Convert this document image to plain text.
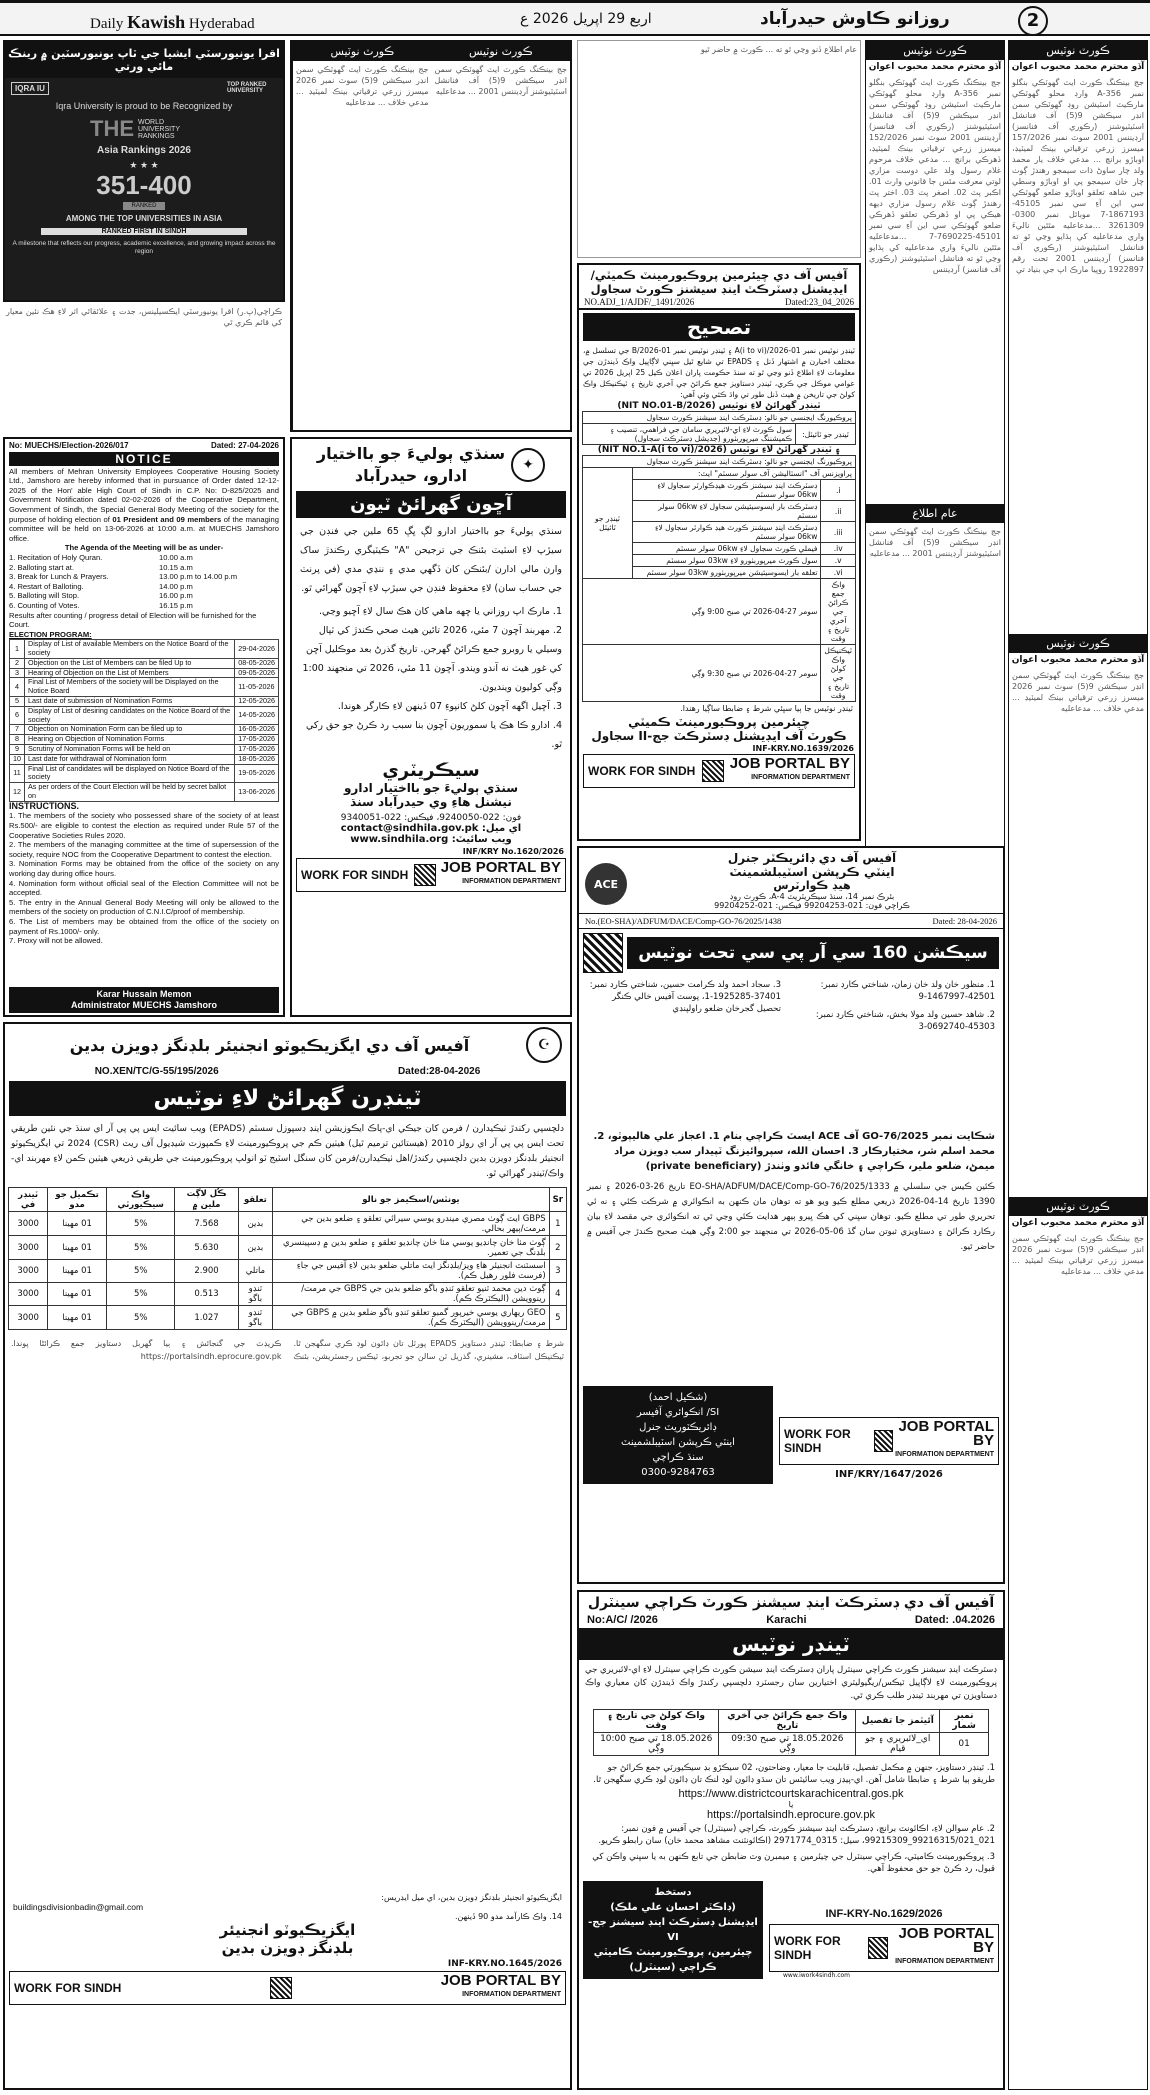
Daily Kawish Hyderabad	اربع 29 اپريل 2026 ع	روزانو ڪاوش حيدرآباد	2
اقرا يونيورسٽي ايشيا جي ٽاپ يونيورسٽين ۾ رينڪ مائي ورتي
IQRA IU	TOP RANKED UNIVERSITY
Iqra University is proud to be Recognized by
THE WORLD UNIVERSITY RANKINGS
Asia Rankings 2026
★ ★ ★
351-400
RANKED
AMONG THE TOP UNIVERSITIES IN ASIA
RANKED FIRST IN SINDH
A milestone that reflects our progress, academic excellence, and growing impact across the region
ڪراچي(پ.ر) اقرا يونيورسٽي ايڪسيلينس، جدت ۽ علائقائي اثر لاءِ هڪ نئين معيار کي قائم ڪري ٿي
No: MUECHS/Election-2026/017	Dated: 27-04-2026
NOTICE
All members of Mehran University Employees Cooperative Housing Society Ltd., Jamshoro are hereby informed that in pursuance of Order dated 12-12-2025 of the Hon' able High Court of Sindh in C.P. No: D-825/2025 and Government Notification dated 02-02-2026 of the Cooperative Department, Government of Sindh, the Special General Body Meeting of the society for the purpose of holding election of 01 President and 09 members of the managing committee will be held on 13-06-2026 at 10:00 a.m. at MUECHS Jamshoro office.
The Agenda of the Meeting will be as under-
1. Recitation of Holy Quran.	10.00 a.m
2. Balloting start at.	10.15 a.m
3. Break for Lunch & Prayers.	13.00 p.m to 14.00 p.m
4. Restart of Balloting.	14.00 p.m
5. Balloting will Stop.	16.00 p.m
6. Counting of Votes.	16.15 p.m
Results after counting / progress detail of Election will be furnished for the Court.
ELECTION PROGRAM:
1	Display of List of available Members on the Notice Board of the society	29-04-2026
2	Objection on the List of Members can be filed Up to	08-05-2026
3	Hearing of Objection on the List of Members	09-05-2026
4	Final List of Members of the society will be Displayed on the Notice Board	11-05-2026
5	Last date of submission of Nomination Forms	12-05-2026
6	Display of List of desiring candidates on the Notice Board of the society	14-05-2026
7	Objection on Nomination Form can be filed up to	16-05-2026
8	Hearing on Objection of Nomination Forms	17-05-2026
9	Scrutiny of Nomination Forms will be held on	17-05-2026
10	Last date for withdrawal of Nomination form	18-05-2026
11	Final List of candidates will be displayed on Notice Board of the society	19-05-2026
12	As per orders of the Court Election will be held by secret ballot on	13-06-2026
INSTRUCTIONS.
1. The members of the society who possessed share of the society of at least Rs.500/- are eligible to contest the election as required under Rule 57 of the Cooperative Societies Rules 2020.
2. The members of the managing committee at the time of supersession of the society, require NOC from the Cooperative Department to contest the election.
3. Nomination Forms may be obtained from the office of the society on any working day during office hours.
4. Nomination form without official seal of the Election Committee will not be accepted.
5. The entry in the Annual General Body Meeting will only be allowed to the members of the society on production of C.N.I.C/proof of membership.
6. The List of members may be obtained from the office of the society on payment of Rs.1000/- only.
7. Proxy will not be allowed.
Karar Hussain Memon
Administrator MUECHS Jamshoro
ڪورٽ نوٽيس
جج بينڪنگ ڪورٽ ايٽ گهوٽڪي سمن انڊر سيڪشن 9(5) سوٽ نمبر 2026 ميسرز زرعي ترقياتي بينڪ لميٽيڊ ... مدعي خلاف ... مدعاعليه
ڪورٽ نوٽيس
جج بينڪنگ ڪورٽ ايٽ گهوٽڪي سمن انڊر سيڪشن 9(5) آف فنانشل اسٽيٽيوشنز آرڊيننس 2001 ... مدعاعليه
✦
سنڌي ٻوليءَ جو بااختيار
ادارو، حيدرآباد
آڇون گھرائڻ ٽيون
سنڌي ٻوليءَ جو بااختيار ادارو لڳ ڀڳ 65 ملين جي فنڊن جي سيڙپ لاءِ اسٽيٽ بئنڪ جي ترجيحن "A" ڪيٽيگري رڪندڙ ساک وارن مالي ادارن /بئنڪن کان ڏگهي مدي ۽ ننڍي مدي (في پرنٽ جي حساب سان) لاءِ محفوظ فنڊن جي سيڙپ لاءِ آڇون گهرائي ٿو.
1. مارڪ اپ روزاني يا ڇهه ماهي کان هڪ سال لاءِ آڇيو وڃي.
2. مهربند آڇون 7 مئي، 2026 تائين هيٺ صحي ڪندڙ کي ٽپال وسيلي يا روبرو جمع ڪرائڻ گهرجن. تاريخ گذرڻ بعد موڪليل آڇن کي غور هيٺ نه آندو ويندو. آڇون 11 مئي، 2026 تي منجهند 1:00 وڳي کوليون وينديون.
3. آڇيل اگهه آڇون کلڻ کانپوءِ 07 ڏينهن لاءِ ڪارگر هوندا.
4. ادارو ڪا هڪ يا سموريون آڇون بنا سبب رد ڪرڻ جو حق رکي ٿو.
سيڪريٽري
سنڌي ٻوليءَ جو بااختيار ادارو
نيشنل هاءِ وي حيدرآباد سنڌ
فون: 022-9240050، فيڪس: 022-9340051
اي ميل: contact@sindhila.gov.pk
ويب سائيٽ: www.sindhila.org
INF/KRY No.1620/2026
WORK FOR SINDH JOB PORTAL BY
INFORMATION DEPARTMENT
آفيس آف دي چيئرمين پروڪيورمينٽ ڪميٽي/
ايڊيشنل ڊسٽرڪٽ اينڊ سيشنز ڪورٽ سجاول
NO.ADJ_1/AJDF/_1491/2026	Dated:23_04_2026
تصحيح
ٽينڊر نوٽيس نمبر 01-A(i to vi)/2026 ۽ ٽينڊر نوٽيس نمبر 01-B/2026 جي تسلسل ۾، مختلف اخبارن ۾ اشتهار ڏنل ۽ EPADS تي شايع ٿيل سڀني لاڳاپيل واڪ ڏيندڙن جي معلومات لاءِ اطلاع ڏنو وڃي ٿو ته سنڌ حڪومت پاران اعلان ڪيل 25 اپريل 2026 تي عوامي موڪل جي ڪري، ٽينڊر دستاويز جمع ڪرائڻ جي آخري تاريخ ۽ ٽيڪنيڪل واڪ کولڻ جي تاريخن ۾ هيٺ ڏنل طور تي واڌ ڪئي وئي آهي:
ٽينڊر گهرائڻ لاءِ نوٽيس (NIT NO.01-B/2026)
پروڪيورنگ ايجنسي جو نالو: ڊسٽرڪٽ اينڊ سيشنز ڪورٽ سجاول
ٽينڊر جو ٽائيٽل:	سول ڪورٽ لاءِ اي-لائبريري سامان جي فراهمي، تنصيب ۽ ڪميشننگ ميرپوربٺورو (جديشل ڊسٽرڪٽ سجاول)
۽ ٽينڊر گهرائڻ لاءِ نوٽيس (NIT NO.1-A(i to vi)/2026)
پروڪيورنگ ايجنسي جو نالو: ڊسٽرڪٽ اينڊ سيشنز ڪورٽ سجاول		
پراويزنس آف "انسٽاليشن آف سولر سسٽم" ايٽ:		ٽينڊر جو ٽائيٽل
i.	ڊسٽرڪٽ اينڊ سيشنز ڪورٽ هيڊڪوارٽر سجاول لاءِ 06kw سولر سسٽم	
ii.	ڊسٽرڪٽ بار ايسوسيئيشن سجاول لاءِ 06kw سولر سسٽم	
iii.	ڊسٽرڪٽ اينڊ سيشنز ڪورٽ هيڊ ڪوارٽر سجاول لاءِ 06kw سولر سسٽم	
iv.	فيملي ڪورٽ سجاول لاءِ 06kw سولر سسٽم	
v.	سول ڪورٽ ميرپوربٺورو لاءِ 03kw سولر سسٽم	
vi.	تعلقه بار ايسوسيئيشن ميرپوربٺورو 03kw سولر سسٽم	
واڪ جمع ڪرائڻ جي آخري تاريخ ۽ وقت	سومر 27-04-2026 تي صبح 9:00 وڳي	
ٽيڪنيڪل واڪ کولڻ جي تاريخ ۽ وقت	سومر 27-04-2026 تي صبح 9:30 وڳي	
ٽينڊر نوٽيس جا ٻيا سڀئي شرط ۽ ضابطا ساڳيا رهندا.
چيئرمين پروڪيورمينٽ ڪميٽي
ڪورٽ آف ايڊيشنل ڊسٽرڪٽ جج-II سجاول
INF-KRY.NO.1639/2026
WORK FOR SINDH JOB PORTAL BY
INFORMATION DEPARTMENT
عام اطلاع ڏنو وڃي ٿو ته ... ڪورٽ ۾ حاضر ٿيو	ڪورٽ نوٽيس
آڏو محترم محمد محبوب اعوان
جج بينڪنگ ڪورٽ ايٽ گهوٽڪي بنگلو نمبر 356-A وارڊ محلو گهوٽڪي مارڪيٽ اسٽيشن روڊ گهوٽڪي سمن انڊر سيڪشن 9(5) آف فنانشل اسٽيٽيوشنز (رڪوري آف فنانسز) آرڊيننس 2001 سوٽ نمبر 152/2026 ميسرز زرعي ترقياتي بينڪ لميٽيڊ، ڏهرڪي برانچ ... مدعي خلاف مرحوم غلام رسول ولد علي دوست مزاري لوتي معرفت مٿس جا قانوني وارث 01. اڪبر پٽ 02. اصغر پٽ 03. اختر پٽ رهندڙ ڳوٺ غلام رسول مزاري ديهه هيڪي پي او ڏهرڪي تعلقو ڏهرڪي ضلعو گهوٽڪي سي اين آءِ سي نمبر 45101-7690225-7 ...مدعاعليه مٿئين ناليءَ واري مدعاعليه کي ٻڌايو وڃي ٿو ته فنانشل اسٽيٽيوشنز (رڪوري آف فنانسز) آرڊيننس
عام اطلاع
جج بينڪنگ ڪورٽ ايٽ گهوٽڪي سمن انڊر سيڪشن 9(5) آف فنانشل اسٽيٽيوشنز آرڊيننس 2001 ... مدعاعليه
ڪورٽ نوٽيس
آڏو محترم محمد محبوب اعوان
جج بينڪنگ ڪورٽ ايٽ گهوٽڪي بنگلو نمبر 356-A وارڊ محلو گهوٽڪي مارڪيٽ اسٽيشن روڊ گهوٽڪي سمن انڊر سيڪشن 9(5) آف فنانشل اسٽيٽيوشنز (رڪوري آف فنانسز) آرڊيننس 2001 سوٽ نمبر 157/2026 ميسرز زرعي ترقياتي بينڪ لميٽيڊ، اوباڙو برانچ ... مدعي خلاف يار محمد ولد چار ساوڻ ذات سيمجو رهندڙ ڳوٺ چار خان سيمجو پي او اوباڙو وسطي جين شاهه تعلقو اوباڙو ضلعو گهوٽڪي سي اين آءِ سي نمبر 45105-1867193-7 موبائل نمبر 0300-3261309 ...مدعاعليه مٿئين ناليءَ واري مدعاعليه کي ٻڌايو وڃي ٿو ته فنانشل اسٽيٽيوشنز (رڪوري آف فنانسز) آرڊيننس 2001 تحت رقم 1922897 روپيا مارڪ اپ جي بنياد تي
ڪورٽ نوٽيس
آڏو محترم محمد محبوب اعوان
جج بينڪنگ ڪورٽ ايٽ گهوٽڪي سمن انڊر سيڪشن 9(5) سوٽ نمبر 2026 ميسرز زرعي ترقياتي بينڪ لميٽيڊ ... مدعي خلاف ... مدعاعليه
ڪورٽ نوٽيس
آڏو محترم محمد محبوب اعوان
جج بينڪنگ ڪورٽ ايٽ گهوٽڪي سمن انڊر سيڪشن 9(5) سوٽ نمبر 2026 ميسرز زرعي ترقياتي بينڪ لميٽيڊ ... مدعي خلاف ... مدعاعليه
ACE
آفيس آف دي ڊائريڪٽر جنرل
اينٽي ڪرپشن اسٽيبلشمينٽ
هيڊ ڪوارٽرس
بئرڪ نمبر 14، سنڌ سيڪريٽريٽ 4-A، ڪورٽ روڊ
ڪراچي فون: 021-99204253 فيڪس: 021-99204252
No.(EO-SHA)/ADFUM/DACE/Comp-GO-76/2025/1438	Dated: 28-04-2026
سيڪشن 160 سي آر پي سي تحت نوٽيس
1. منظور خان ولد خان زمان، شناختي ڪارڊ نمبر: 42501-1467997-9
2. شاهد حسين ولد مولا بخش، شناختي ڪارڊ نمبر: 45303-0692740-3
3. سجاد احمد ولد ڪرامت حسين، شناختي ڪارڊ نمبر: 37401-1925285-1، پوسٽ آفيس خالي ڪنگر تحصيل گجرخان ضلعو راولپنڊي
شڪايت نمبر GO-76/2025 آف ACE ايسٽ ڪراچي بنام 1. اعجاز علي هاليپوٽو، 2. محمد اسلم شر، مختيارڪار 3. احسان الله، سپروائيزنگ ٽپيدار سب ڊويزن مراد ميمڻ، ضلعو ملير، ڪراچي ۽ خانگي فائدو وٺندڙ (private beneficiary)
ڪئين ڪيس جي سلسلي ۾ EO-SHA/ADFUM/DACE/Comp-GO-76/2025/1333 تاريخ 26-03-2026 ۽ نمبر 1390 تاريخ 14-04-2026 ذريعي مطلع ڪيو ويو هو ته توهان مان ڪنهن به انڪوائري ۾ شرڪت ڪئي ۽ نه ئي تحريري طور تي مطلع ڪيو. توهان سڀني کي هڪ ڀيرو ٻيهر هدايت ڪئي وڃي ٿي ته انڪوائري جي مقصد لاءِ بيان رڪارڊ ڪرائڻ ۽ دستاويزي ثبوتن سان گڏ 06-05-2026 تي منجهند جو 2:00 وڳي هيٺ صحيح ڪندڙ جي آفيس ۾ حاضر ٿيو.
(شڪيل احمد)
SI/ انڪوائري آفيسر
ڊائريڪٽوريٽ جنرل
اينٽي ڪرپشن اسٽيبلشمينٽ
سنڌ ڪراچي
0300-9284763
WORK FOR SINDH
JOB PORTAL BY
INFORMATION DEPARTMENT
INF/KRY/1647/2026
☪
آفيس آف دي ايگزيڪيوٽو انجنيئر بلڊنگز ڊويزن بدين
NO.XEN/TC/G-55/195/2026	Dated:28-04-2026
ٽينڊرن گهرائڻ لاءِ نوٽيس
دلچسپي رکندڙ ٺيڪيدارن / فرمن کان جيڪي اي-پاڪ ايڪوزيشن اينڊ ڊسپوزل سسٽم (EPADS) ويب سائيٽ ايس پي پي آر اي سنڌ جي نئين طريقي تحت ايس پي پي آر اي رولز 2010 (هيستائين ترميم ٿيل) هيٺين ڪم جي پروڪيورمينٽ لاءِ ڪمپوزٽ شيڊيول آف ريٽ (CSR) 2024 تي ايگزيڪيوٽو انجنيئر بلڊنگز ڊويزن بدين دلچسپي رکندڙ/اهل ٺيڪيدارن/فرمن کان سنگل اسٽيج ٽو انولپ پروڪيورمينٽ جي طريقي ذريعي هيٺين ڪمن لاءِ مهربند اي-واڪ/ٽينڊر گهرائي ٿو.
Sr	يونٽس/اسڪيمز جو نالو	تعلقو	ڪُل لاڳت ملين ۾	واڪ سيڪيورٽي	تڪميل جو مدو	ٽينڊر في
1	GBPS ايٽ ڳوٺ مصري ميندرو يوسي سيرائي تعلقو ۽ ضلعو بدين جي مرمت/ٻيهر بحالي.	بدين	7.568	5%	01 مهينا	3000
2	ڳوٺ مٺا خان چانڊيو يوسي مٺا خان چانڊيو تعلقو ۽ ضلعو بدين ۾ ڊسپينسري بلڊنگ جي تعمير.	بدين	5.630	5%	01 مهينا	3000
3	اسسٽنٽ انجنيئر هاءِ ويز/بلڊنگز ايٽ ماتلي ضلعو بدين لاءِ آفيس جي جاءِ (فرسٽ فلور رهيل ڪم).	ماتلي	2.900	5%	01 مهينا	3000
4	ڳوٺ دين محمد ٽنيو تعلقو ٽنڊو باگو ضلعو بدين جي GBPS جي مرمت/رينوويشن (اليڪٽرڪ ڪم).	ٽنڊو باگو	0.513	5%	01 مهينا	3000
5	GEO ريهاري يوسي خيرپور گمبو تعلقو ٽنڊو باگو ضلعو بدين ۾ GBPS جي مرمت/رينوويشن (اليڪٽرڪ ڪم).	ٽنڊو باگو	1.027	5%	01 مهينا	3000
شرط ۽ ضابطا: ٽينڊر دستاويز EPADS پورٽل تان ڊائون لوڊ ڪري سگهجن ٿا. ٽيڪنيڪل اسٽاف، مشينري، گذريل ٽن سالن جو تجربو، ٽيڪس رجسٽريشن، بئنڪ ڪريڊٽ جي گنجائش ۽ ٻيا گهربل دستاويز جمع ڪرائڻا پوندا. https://portalsindh.eprocure.gov.pk
ايگزيڪيوٽو انجنيئر بلڊنگز ڊويزن بدين، اي ميل ايڊريس:
buildingsdivisionbadin@gmail.com
14. واڪ ڪارآمد مدو 90 ڏينهن.
ايگزيڪيوٽو انجنيئر
بلڊنگز ڊويزن بدين
INF-KRY.NO.1645/2026
WORK FOR SINDH	JOB PORTAL BY
INFORMATION DEPARTMENT
آفيس آف دي ڊسٽرڪٽ اينڊ سيشنز ڪورٽ ڪراچي سينٽرل
No:A/C/ /2026	Karachi	Dated: .04.2026
ٽينڊر نوٽيس
ڊسٽرڪٽ اينڊ سيشنز ڪورٽ ڪراچي سينٽرل پاران ڊسٽرڪٽ اينڊ سيشن ڪورٽ ڪراچي سينٽرل لاءِ اي-لائبريري جي پروڪيورمينٽ لاءِ لاڳاپيل ٽيڪس/ريگيوليٽري اختيارين سان رجسٽرڊ دلچسپي رکندڙ واڪ ڏيندڙن کان معياري واڪ دستاويزن تي مهربند ٽينڊر طلب ڪري ٿي.
نمبر شمار	آئيٽمز جا تفصيل	واڪ جمع ڪرائڻ جي آخري تاريخ	واڪ کولڻ جي تاريخ ۽ وقت
01	اي_لائبريري ۽ جو قيام	18.05.2026 تي صبح 09:30 وڳي	18.05.2026 تي صبح 10:00 وڳي
1. ٽينڊر دستاويز، جنهن ۾ مڪمل تفصيل، قابليت جا معيار، وضاحتون، 02 سيڪڙو بڊ سيڪيورٽي جمع ڪرائڻ جو طريقو ٻيا شرط ۽ ضابطا شامل آهن. اي-پيڊز ويب سائيٽس تان سڌو ڊائون لوڊ لنڪ تان ڊائون لوڊ ڪري سگهجن ٿا.
https://www.districtcourtskarachicentral.gos.pk
يا
https://portalsindh.eprocure.gov.pk
2. عام سوالن لاءِ، اڪائونٽ برانچ، ڊسٽرڪٽ اينڊ سيشنز ڪورٽ، ڪراچي (سينٽرل) جي آفيس ۾ فون نمبر: 021_99216315/021_99215309، سيل: 0315_2971774 (اڪائونٽنٽ مشاهد محمد خان) سان رابطو ڪريو.
3. پروڪيورمينٽ ڪاميٽي، ڪراچي سينٽرل جي چيئرمين ۽ ميمبرن وٽ ضابطن جي تابع ڪنهن به يا سڀني واڪن کي قبول، رد ڪرڻ جو حق محفوظ آهي.
دستخط
(ڊاڪٽر احسان علي ملڪ)
ايڊيشنل ڊسٽرڪٽ اينڊ سيشنز جج-VI
چيئرمين، پروڪيورمينٽ ڪاميٽي
ڪراچي (سينٽرل)
INF-KRY-No.1629/2026
WORK FOR SINDH
JOB PORTAL BY
INFORMATION DEPARTMENT
www.iwork4sindh.com
